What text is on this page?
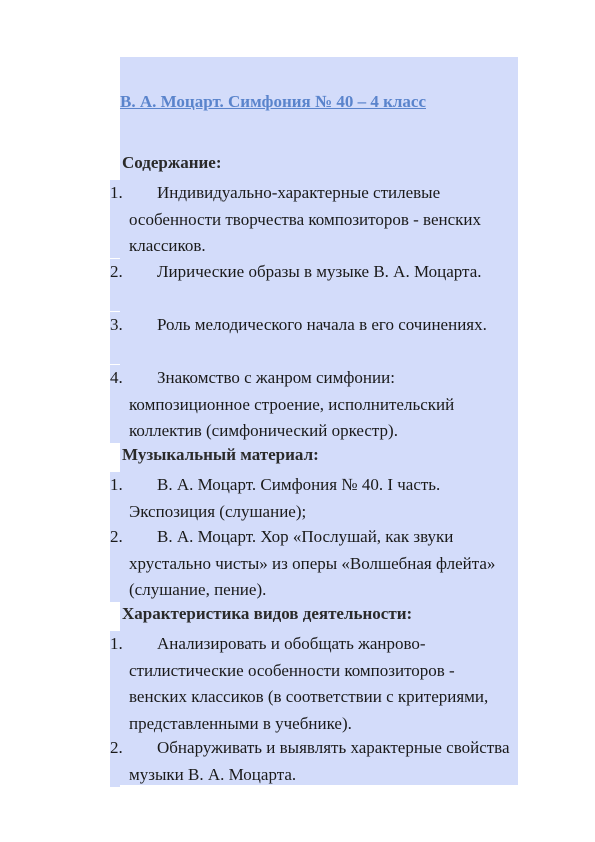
В. А. Моцарт. Симфония № 40 – 4 класс
Содержание:

1.	Индивидуально-характерные стилевые особенности творчества композиторов - венских классиков.

2.	Лирические образы в музыке В. А. Моцарта.

3.	Роль мелодического начала в его сочинениях.

4.	Знакомство с жанром симфонии: композиционное строение, исполнительский коллектив (симфонический оркестр).

Музыкальный материал:

1.	В. А. Моцарт. Симфония № 40. I часть. Экспозиция (слушание);

2.	В. А. Моцарт. Хор «Послушай, как звуки хрустально чисты» из оперы «Волшебная флейта» (слушание, пение).

Характеристика видов деятельности:

1.	Анализировать и обобщать жанрово-стилистические особенности композиторов - венских классиков (в соответствии с критериями, представленными в учебнике).

2.	Обнаруживать и выявлять характерные свойства музыки В. А. Моцарта.
